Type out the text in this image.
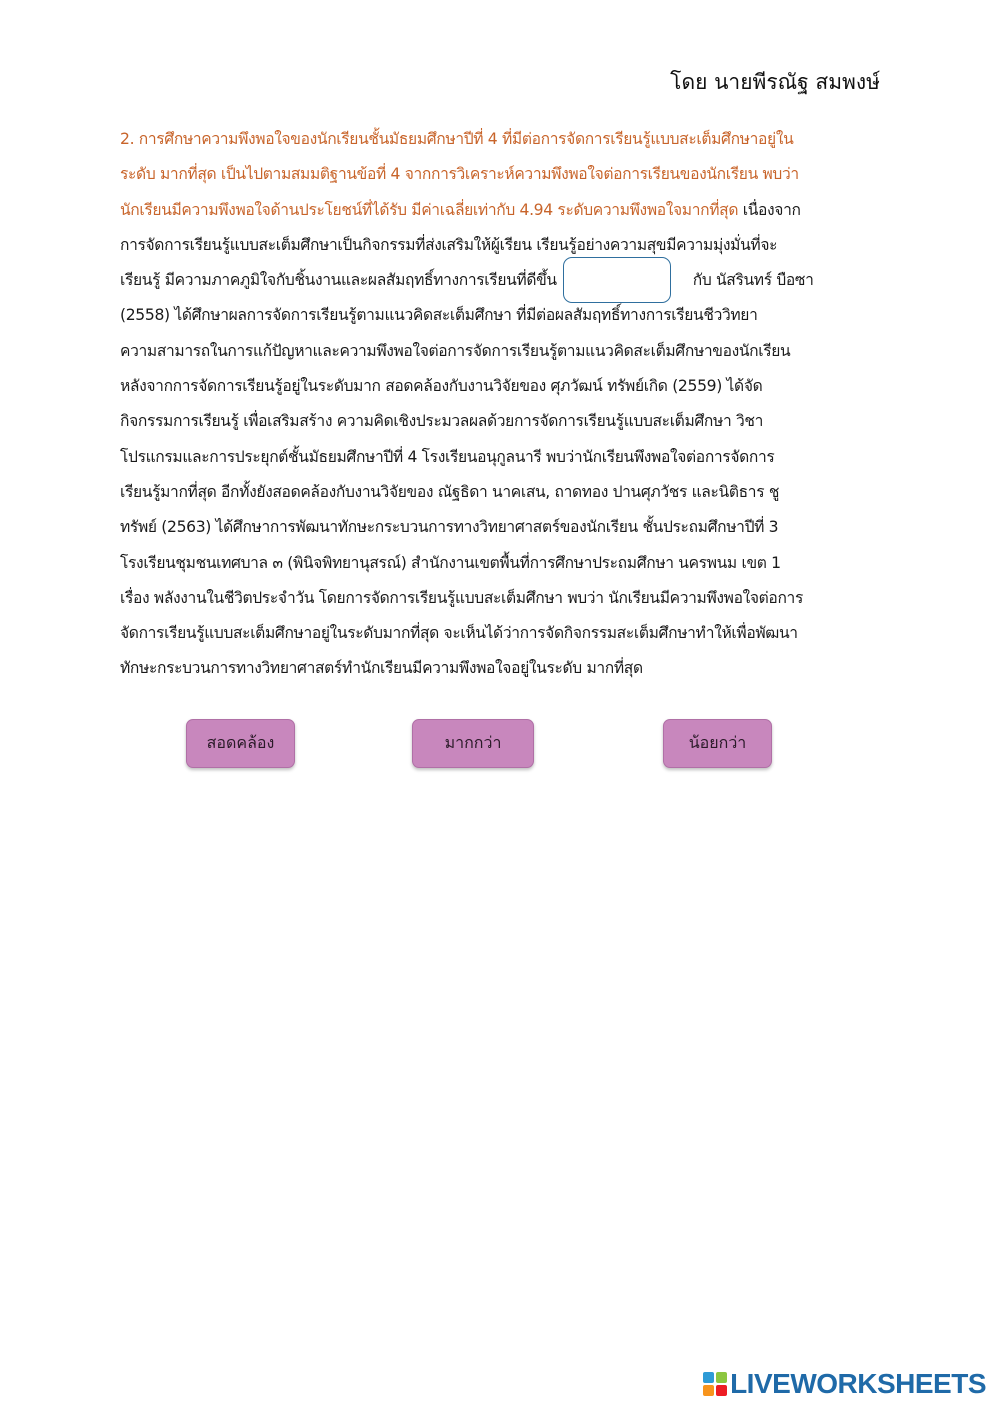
โดย นายพีรณัฐ สมพงษ์
2. การศึกษาความพึงพอใจของนักเรียนชั้นมัธยมศึกษาปีที่ 4 ที่มีต่อการจัดการเรียนรู้แบบสะเต็มศึกษาอยู่ใน
ระดับ มากที่สุด เป็นไปตามสมมติฐานข้อที่ 4 จากการวิเคราะห์ความพึงพอใจต่อการเรียนของนักเรียน พบว่า
นักเรียนมีความพึงพอใจด้านประโยชน์ที่ได้รับ มีค่าเฉลี่ยเท่ากับ 4.94 ระดับความพึงพอใจมากที่สุด เนื่องจาก
การจัดการเรียนรู้แบบสะเต็มศึกษาเป็นกิจกรรมที่ส่งเสริมให้ผู้เรียน เรียนรู้อย่างความสุขมีความมุ่งมั่นที่จะ
เรียนรู้ มีความภาคภูมิใจกับชิ้นงานและผลสัมฤทธิ์ทางการเรียนที่ดีขึ้น	กับ นัสรินทร์ บือซา
(2558) ได้ศึกษาผลการจัดการเรียนรู้ตามแนวคิดสะเต็มศึกษา ที่มีต่อผลสัมฤทธิ์ทางการเรียนชีววิทยา
ความสามารถในการแก้ปัญหาและความพึงพอใจต่อการจัดการเรียนรู้ตามแนวคิดสะเต็มศึกษาของนักเรียน
หลังจากการจัดการเรียนรู้อยู่ในระดับมาก สอดคล้องกับงานวิจัยของ ศุภวัฒน์ ทรัพย์เกิด (2559) ได้จัด
กิจกรรมการเรียนรู้ เพื่อเสริมสร้าง ความคิดเชิงประมวลผลด้วยการจัดการเรียนรู้แบบสะเต็มศึกษา วิชา
โปรแกรมและการประยุกต์ชั้นมัธยมศึกษาปีที่ 4 โรงเรียนอนุกูลนารี พบว่านักเรียนพึงพอใจต่อการจัดการ
เรียนรู้มากที่สุด อีกทั้งยังสอดคล้องกับงานวิจัยของ ณัฐธิดา นาคเสน, ถาดทอง ปานศุภวัชร และนิติธาร ชู
ทรัพย์ (2563) ได้ศึกษาการพัฒนาทักษะกระบวนการทางวิทยาศาสตร์ของนักเรียน ชั้นประถมศึกษาปีที่ 3
โรงเรียนชุมชนเทศบาล ๓ (พินิจพิทยานุสรณ์) สำนักงานเขตพื้นที่การศึกษาประถมศึกษา นครพนม เขต 1
เรื่อง พลังงานในชีวิตประจำวัน โดยการจัดการเรียนรู้แบบสะเต็มศึกษา พบว่า นักเรียนมีความพึงพอใจต่อการ
จัดการเรียนรู้แบบสะเต็มศึกษาอยู่ในระดับมากที่สุด จะเห็นได้ว่าการจัดกิจกรรมสะเต็มศึกษาทำให้เพื่อพัฒนา
ทักษะกระบวนการทางวิทยาศาสตร์ทำนักเรียนมีความพึงพอใจอยู่ในระดับ มากที่สุด
สอดคล้อง	มากกว่า	น้อยกว่า
LIVEWORKSHEETS
